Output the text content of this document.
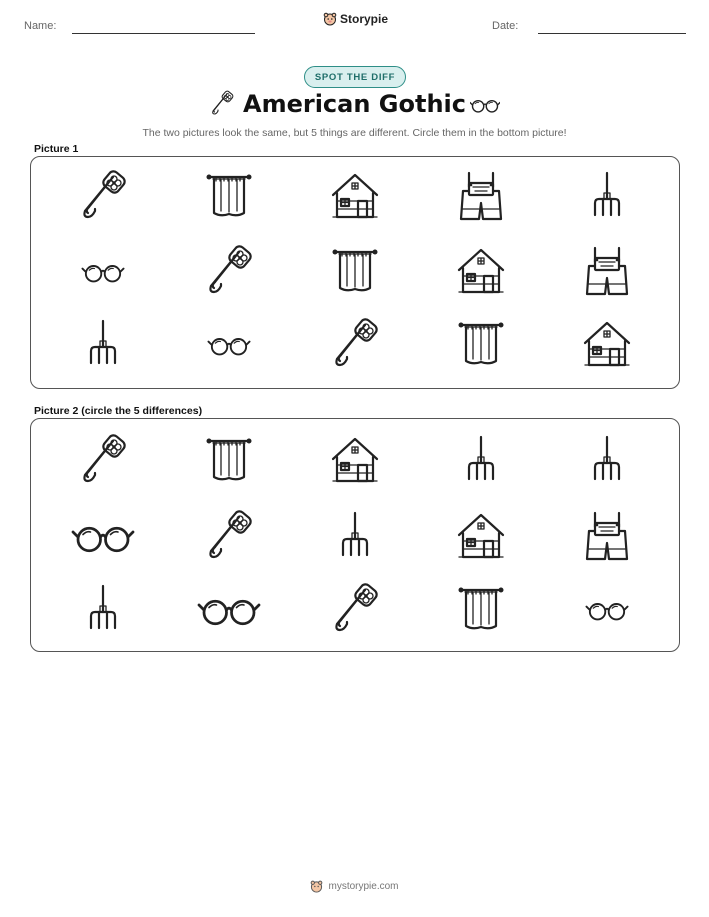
Name:	Storypie	Date:
SPOT THE DIFF
American Gothic
The two pictures look the same, but 5 things are different. Circle them in the bottom picture!
Picture 1
Picture 2 (circle the 5 differences)
mystorypie.com
